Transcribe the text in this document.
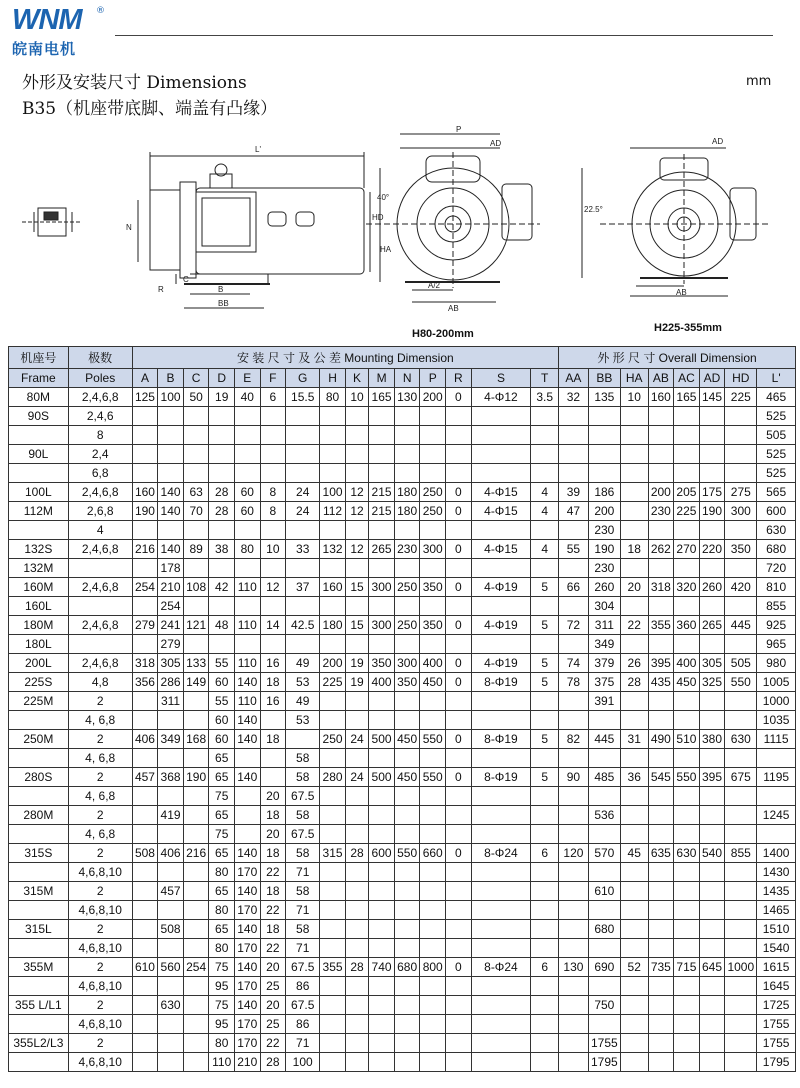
WNM ®
皖南电机
外形及安装尺寸 Dimensions	mm
B35（机座带底脚、端盖有凸缘）
L'
P
AD
HD
N
R
C
B
BB
A/2
AB
HA
40°
22.5°
AB
AD
H80-200mm	H225-355mm
机座号	极数	安 装 尺 寸 及 公 差 Mounting Dimension															外 形 尺 寸 Overall Dimension							
Frame	Poles	A	B	C	D	E	F	G	H	K	M	N	P	R	S	T	AA	BB	HA	AB	AC	AD	HD	L'
80M	2,4,6,8	125	100	50	19	40	6	15.5	80	10	165	130	200	0	4-Φ12	3.5	32	135	10	160	165	145	225	465
90S	2,4,6																							525
	8																							505
90L	2,4																							525
	6,8																							525
100L	2,4,6,8	160	140	63	28	60	8	24	100	12	215	180	250	0	4-Φ15	4	39	186		200	205	175	275	565
112M	2,6,8	190	140	70	28	60	8	24	112	12	215	180	250	0	4-Φ15	4	47	200		230	225	190	300	600
	4																	230						630
132S	2,4,6,8	216	140	89	38	80	10	33	132	12	265	230	300	0	4-Φ15	4	55	190	18	262	270	220	350	680
132M			178															230						720
160M	2,4,6,8	254	210	108	42	110	12	37	160	15	300	250	350	0	4-Φ19	5	66	260	20	318	320	260	420	810
160L			254															304						855
180M	2,4,6,8	279	241	121	48	110	14	42.5	180	15	300	250	350	0	4-Φ19	5	72	311	22	355	360	265	445	925
180L			279															349						965
200L	2,4,6,8	318	305	133	55	110	16	49	200	19	350	300	400	0	4-Φ19	5	74	379	26	395	400	305	505	980
225S	4,8	356	286	149	60	140	18	53	225	19	400	350	450	0	8-Φ19	5	78	375	28	435	450	325	550	1005
225M	2		311		55	110	16	49										391						1000
	4, 6,8				60	140		53																1035
250M	2	406	349	168	60	140	18		250	24	500	450	550	0	8-Φ19	5	82	445	31	490	510	380	630	1115
	4, 6,8				65			58																
280S	2	457	368	190	65	140		58	280	24	500	450	550	0	8-Φ19	5	90	485	36	545	550	395	675	1195
	4, 6,8				75		20	67.5																
280M	2		419		65		18	58										536						1245
	4, 6,8				75		20	67.5																
315S	2	508	406	216	65	140	18	58	315	28	600	550	660	0	8-Φ24	6	120	570	45	635	630	540	855	1400
	4,6,8,10				80	170	22	71																1430
315M	2		457		65	140	18	58										610						1435
	4,6,8,10				80	170	22	71																1465
315L	2		508		65	140	18	58										680						1510
	4,6,8,10				80	170	22	71																1540
355M	2	610	560	254	75	140	20	67.5	355	28	740	680	800	0	8-Φ24	6	130	690	52	735	715	645	1000	1615
	4,6,8,10				95	170	25	86																1645
355 L/L1	2		630		75	140	20	67.5										750						1725
	4,6,8,10				95	170	25	86																1755
355L2/L3	2				80	170	22	71										1755						1755
	4,6,8,10				110	210	28	100										1795						1795
